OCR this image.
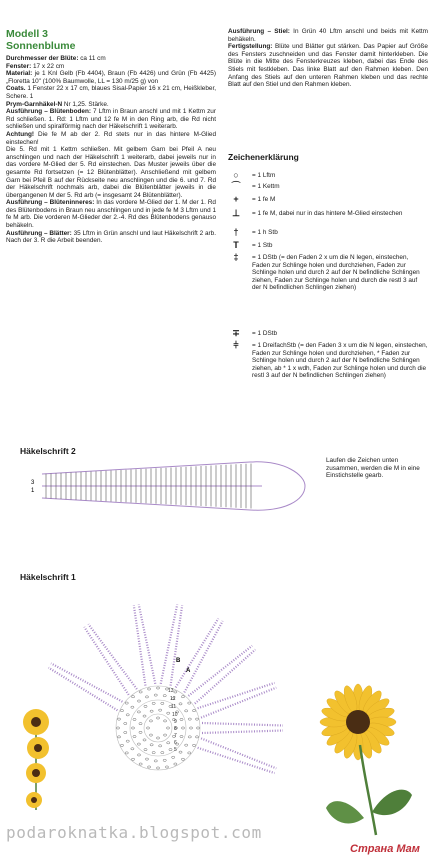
Modell 3
Sonnenblume
Durchmesser der Blüte: ca 11 cm
Fenster: 17 x 22 cm
Material: je 1 Knl Gelb (Fb 4404), Braun (Fb 4426) und Grün (Fb 4425) „Floretta 10" (100% Baumwolle, LL = 130 m/25 g) von
Coats. 1 Fenster 22 x 17 cm, blaues Sisal-Papier 16 x 21 cm, Heißkleber, Schere. 1
Prym-Garnhäkel-N Nr 1,25. Stärke.
Ausführung – Blütenboden: 7 Lftm in Braun anschl und mit 1 Kettm zur Rd schließen. 1. Rd: 1 Lftm und 12 fe M in den Ring arb, die Rd nicht schließen und spiralförmig nach der Häkelschrift 1 weiterarb.
Achtung! Die fe M ab der 2. Rd stets nur in das hintere M-Glied einstechen!
Die 5. Rd mit 1 Kettm schließen. Mit gelbem Garn bei Pfeil A neu anschlingen und nach der Häkelschrift 1 weiterarb, dabei jeweils nur in das vordere M-Glied der 5. Rd einstechen. Das Muster jeweils über die gesamte Rd fortsetzen (= 12 Blütenblätter). Anschließend mit gelbem Garn bei Pfeil B auf der Rückseite neu anschlingen und die 6. und 7. Rd der Häkelschrift nochmals arb, dabei die Blütenblätter jeweils in die übergangenen M der 5. Rd arb (= insgesamt 24 Blütenblätter).
Ausführung – Blüteninneres: In das vordere M-Glied der 1. M der 1. Rd des Blütenbodens in Braun neu anschlingen und in jede fe M 3 Lftm und 1 fe M arb. Die vorderen M-Glieder der 2.-4. Rd des Blütenbodens genauso behäkeln.
Ausführung – Blätter: 35 Lftm in Grün anschl und laut Häkelschrift 2 arb. Nach der 3. R die Arbeit beenden.
Ausführung – Stiel: In Grün 40 Lftm anschl und beids mit Kettm behäkeln.
Fertigstellung: Blüte und Blätter gut stärken. Das Papier auf Größe des Fensters zuschneiden und das Fenster damit hinterkleben. Die Blüte in die Mitte des Fensterkreuzes kleben, dabei das Ende des Stiels mit festkleben. Das linke Blatt auf den Rahmen kleben. Den Anfang des Stiels auf den unteren Rahmen kleben und das rechte Blatt auf den Stiel und den Rahmen kleben.
Zeichenerklärung
○	= 1 Lftm
⌒	= 1 Kettm
+	= 1 fe M
⊥	= 1 fe M, dabei nur in das hintere M-Glied einstechen
†	= 1 h Stb
T	= 1 Stb
‡	= 1 DStb (= den Faden 2 x um die N legen, einstechen, Faden zur Schlinge holen und durchziehen, Faden zur Schlinge holen und durch 2 auf der N befindliche Schlingen ziehen, Faden zur Schlinge holen und durch die restl 3 auf der N befindlichen Schlingen ziehen)
∓	= 1 DStb
⫩	= 1 DreifachStb (= den Faden 3 x um die N legen, einstechen, Faden zur Schlinge holen und durchziehen, * Faden zur Schlinge holen und durch 2 auf der N befindliche Schlingen ziehen, ab * 1 x wdh, Faden zur Schlinge holen und durch die restl 3 auf der N befindlichen Schlingen ziehen)
Häkelschrift 2
Häkelschrift 1
Laufen die Zeichen unten zusammen, werden die M in eine Einstichstelle gearb.
3
1
B
A
13
12
11
10
9
8
7
6
5
podaroknatka.blogspot.com
Страна Мам
